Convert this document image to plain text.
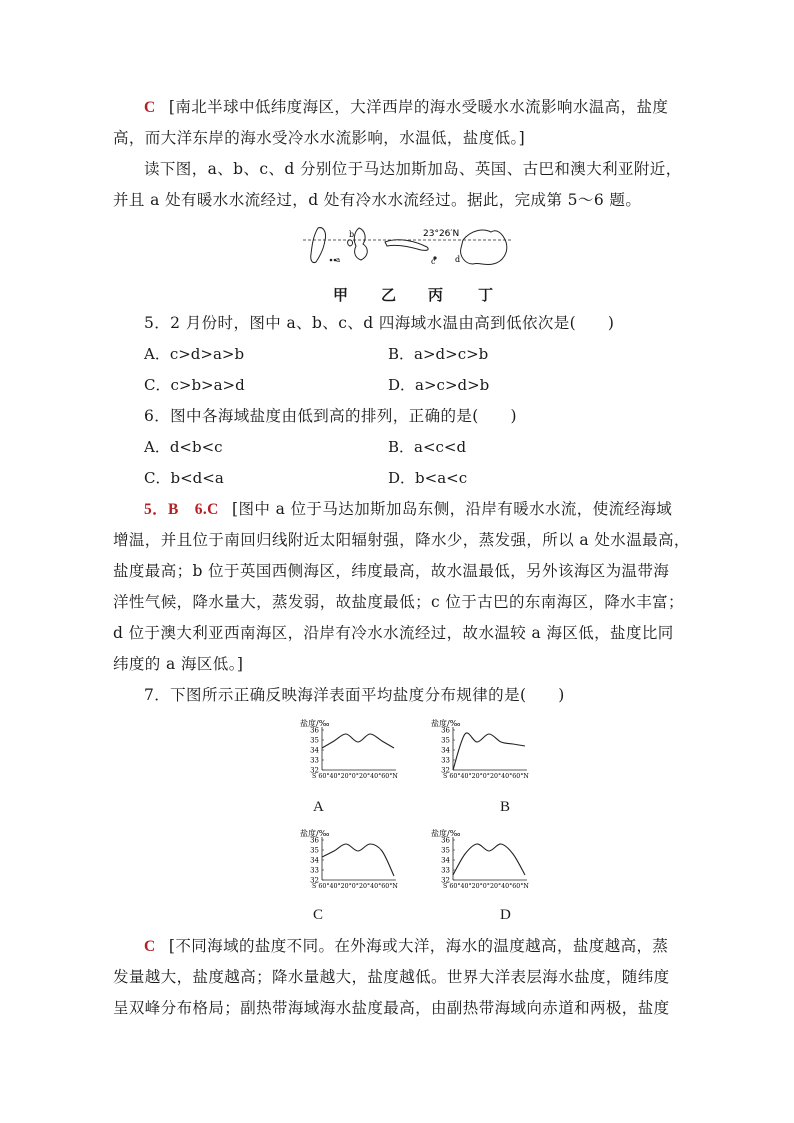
C [南北半球中低纬度海区，大洋西岸的海水受暖水水流影响水温高，盐度
高，而大洋东岸的海水受冷水水流影响，水温低，盐度低。]
读下图，a、b、c、d 分别位于马达加斯加岛、英国、古巴和澳大利亚附近，
并且 a 处有暖水水流经过，d 处有冷水水流经过。据此，完成第 5～6 题。
23°26′N
b
a	c d
甲 乙 丙 丁
5．2 月份时，图中 a、b、c、d 四海域水温由高到低依次是(　　)
A．c>d>a>b	B．a>d>c>b
C．c>b>a>d	D．a>c>d>b
6．图中各海域盐度由低到高的排列，正确的是(　　)
A．d<b<c	B．a<c<d
C．b<d<a	D．b<a<c
5．B　6.C [图中 a 位于马达加斯加岛东侧，沿岸有暖水水流，使流经海域
增温，并且位于南回归线附近太阳辐射强，降水少，蒸发强，所以 a 处水温最高，
盐度最高；b 位于英国西侧海区，纬度最高，故水温最低，另外该海区为温带海
洋性气候，降水量大，蒸发弱，故盐度最低；c 位于古巴的东南海区，降水丰富；
d 位于澳大利亚西南海区，沿岸有冷水水流经过，故水温较 a 海区低，盐度比同
纬度的 a 海区低。]
7．下图所示正确反映海洋表面平均盐度分布规律的是(　　)
盐度/‰
36
35
34
33
32
S 60°40°20°0°20°40°60°N
A
盐度/‰
36
35
34
33
32
S 60°40°20°0°20°40°60°N
B
盐度/‰
36
35
34
33
32
S 60°40°20°0°20°40°60°N
C
盐度/‰
36
35
34
33
32
S 60°40°20°0°20°40°60°N
D
C [不同海域的盐度不同。在外海或大洋，海水的温度越高，盐度越高，蒸
发量越大，盐度越高；降水量越大，盐度越低。世界大洋表层海水盐度，随纬度
呈双峰分布格局；副热带海域海水盐度最高，由副热带海域向赤道和两极，盐度
